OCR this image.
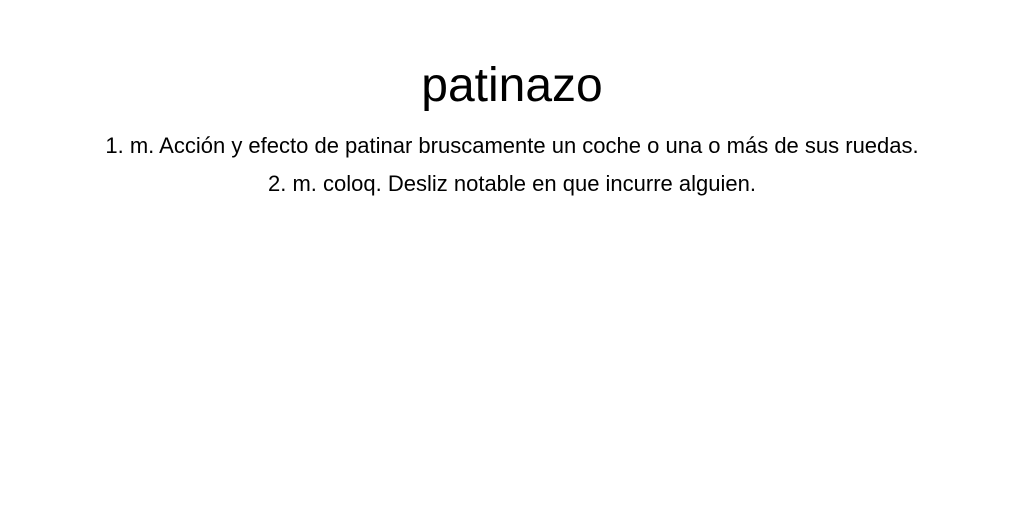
patinazo
1. m. Acción y efecto de patinar bruscamente un coche o una o más de sus ruedas.
2. m. coloq. Desliz notable en que incurre alguien.
